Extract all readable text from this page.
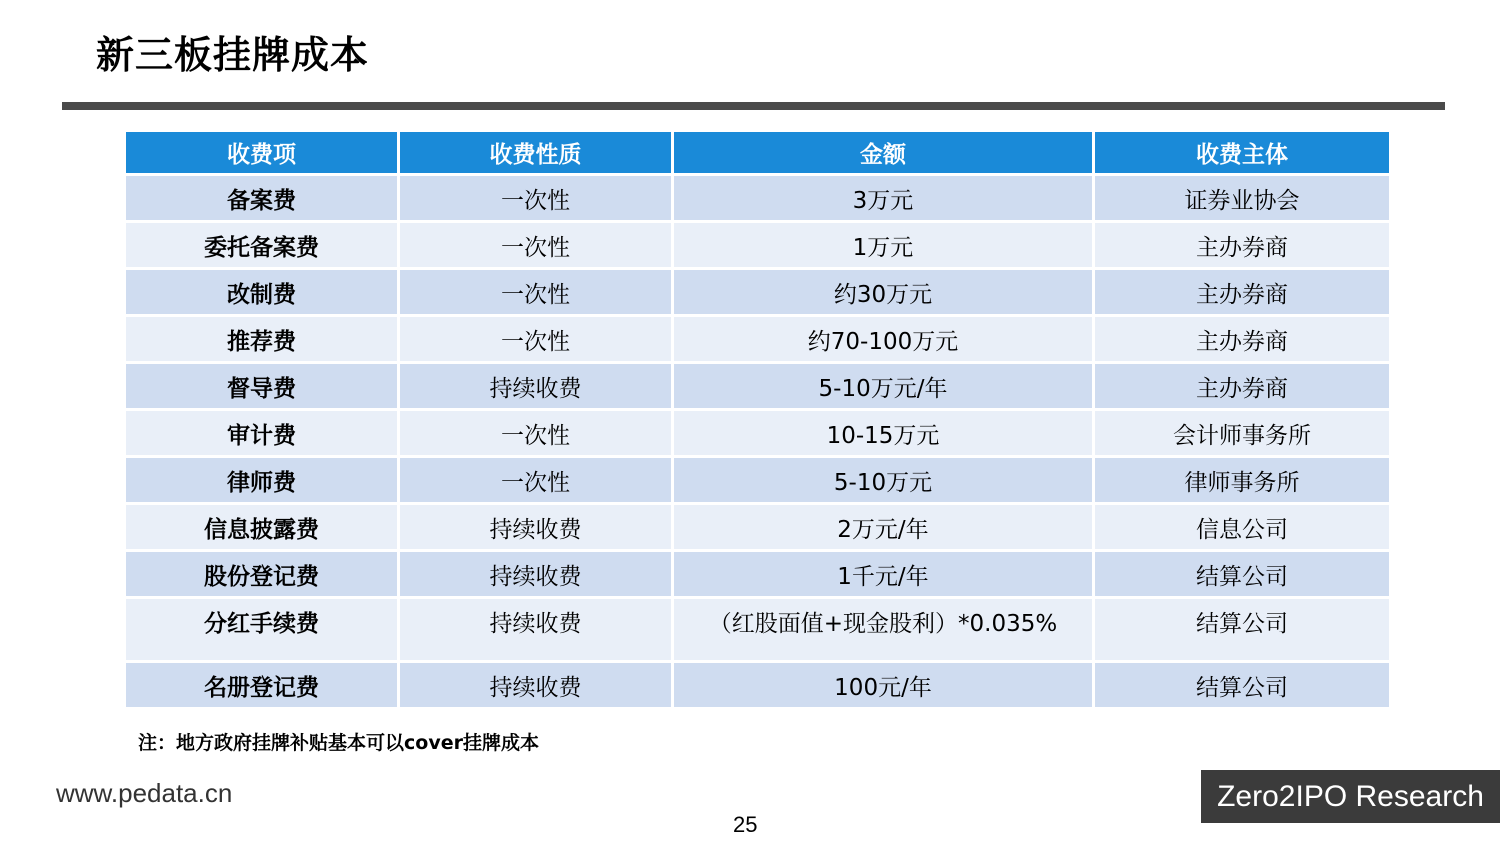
新三板挂牌成本
收费项	收费性质	金额	收费主体
备案费	一次性	3万元	证券业协会
委托备案费	一次性	1万元	主办券商
改制费	一次性	约30万元	主办券商
推荐费	一次性	约70-100万元	主办券商
督导费	持续收费	5-10万元/年	主办券商
审计费	一次性	10-15万元	会计师事务所
律师费	一次性	5-10万元	律师事务所
信息披露费	持续收费	2万元/年	信息公司
股份登记费	持续收费	1千元/年	结算公司
分红手续费	持续收费	（红股面值+现金股利）*0.035%	结算公司
名册登记费	持续收费	100元/年	结算公司
注：地方政府挂牌补贴基本可以cover挂牌成本
www.pedata.cn
25
Zero2IPO Research
